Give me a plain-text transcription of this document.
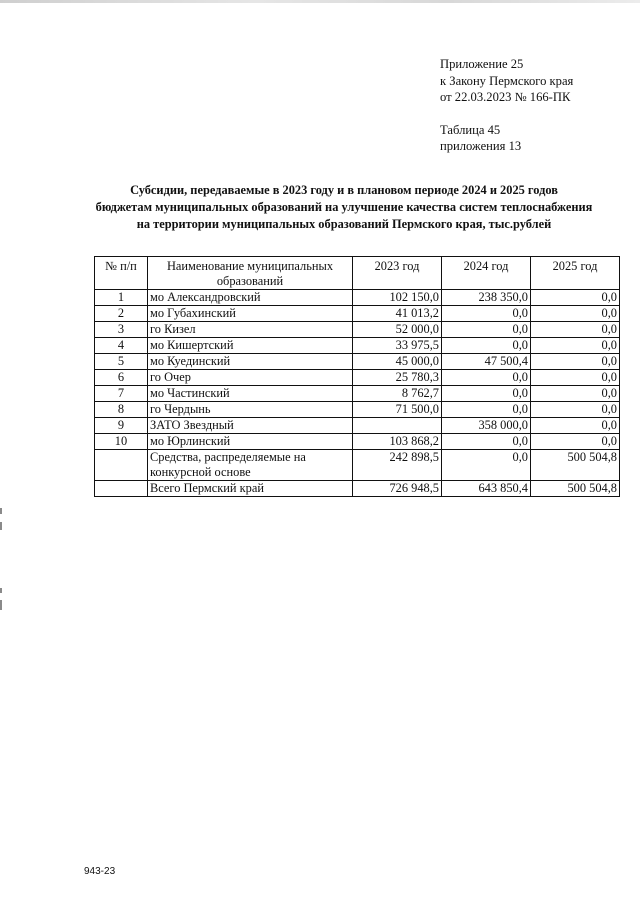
Приложение 25
к Закону Пермского края
от 22.03.2023 № 166-ПК
Таблица 45
приложения 13
Субсидии, передаваемые в 2023 году и в плановом периоде 2024 и 2025 годов
бюджетам муниципальных образований на улучшение качества систем теплоснабжения
на территории муниципальных образований Пермского края, тыс.рублей
№ п/п	Наименование муниципальных образований	2023 год	2024 год	2025 год
1	мо Александровский	102 150,0	238 350,0	0,0
2	мо Губахинский	41 013,2	0,0	0,0
3	го Кизел	52 000,0	0,0	0,0
4	мо Кишертский	33 975,5	0,0	0,0
5	мо Куединский	45 000,0	47 500,4	0,0
6	го Очер	25 780,3	0,0	0,0
7	мо Частинский	8 762,7	0,0	0,0
8	го Чердынь	71 500,0	0,0	0,0
9	ЗАТО Звездный		358 000,0	0,0
10	мо Юрлинский	103 868,2	0,0	0,0
	Средства, распределяемые на конкурсной основе	242 898,5	0,0	500 504,8
	Всего Пермский край	726 948,5	643 850,4	500 504,8
943-23
